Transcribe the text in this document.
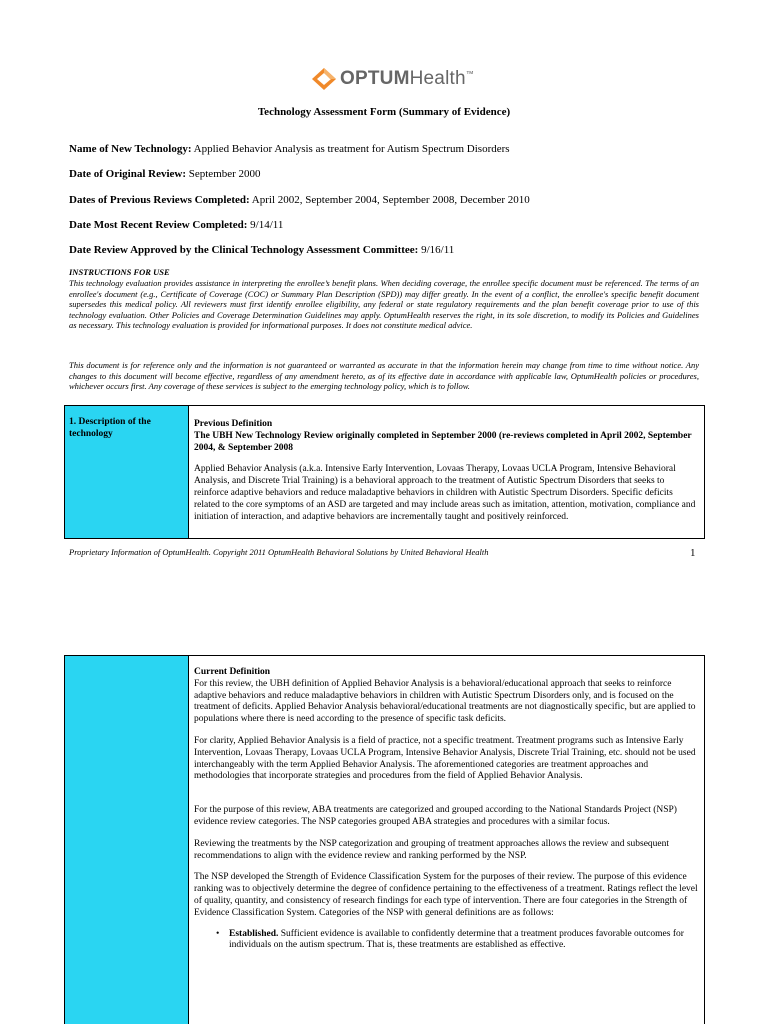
OPTUMHealth™
Technology Assessment Form (Summary of Evidence)
Name of New Technology: Applied Behavior Analysis as treatment for Autism Spectrum Disorders
Date of Original Review: September 2000
Dates of Previous Reviews Completed: April 2002, September 2004, September 2008, December 2010
Date Most Recent Review Completed: 9/14/11
Date Review Approved by the Clinical Technology Assessment Committee: 9/16/11
INSTRUCTIONS FOR USE
This technology evaluation provides assistance in interpreting the enrollee’s benefit plans. When deciding coverage, the enrollee specific document must be referenced. The terms of an enrollee's document (e.g., Certificate of Coverage (COC) or Summary Plan Description (SPD)) may differ greatly. In the event of a conflict, the enrollee's specific benefit document supersedes this medical policy. All reviewers must first identify enrollee eligibility, any federal or state regulatory requirements and the plan benefit coverage prior to use of this technology evaluation. Other Policies and Coverage Determination Guidelines may apply. OptumHealth reserves the right, in its sole discretion, to modify its Policies and Guidelines as necessary. This technology evaluation is provided for informational purposes. It does not constitute medical advice.
This document is for reference only and the information is not guaranteed or warranted as accurate in that the information herein may change from time to time without notice. Any changes to this document will become effective, regardless of any amendment hereto, as of its effective date in accordance with applicable law, OptumHealth policies or procedures, whichever occurs first. Any coverage of these services is subject to the emerging technology policy, which is to follow.
1. Description of the technology
Previous Definition
The UBH New Technology Review originally completed in September 2000 (re-reviews completed in April 2002, September 2004, & September 2008

Applied Behavior Analysis (a.k.a. Intensive Early Intervention, Lovaas Therapy, Lovaas UCLA Program, Intensive Behavioral Analysis, and Discrete Trial Training) is a behavioral approach to the treatment of Autistic Spectrum Disorders that seeks to reinforce adaptive behaviors and reduce maladaptive behaviors in children with Autistic Spectrum Disorders. Specific deficits related to the core symptoms of an ASD are targeted and may include areas such as imitation, attention, motivation, compliance and initiation of interaction, and adaptive behaviors are incrementally taught and positively reinforced.

Proprietary Information of OptumHealth. Copyright 2011 OptumHealth Behavioral Solutions by United Behavioral Health	1
Current Definition
For this review, the UBH definition of Applied Behavior Analysis is a behavioral/educational approach that seeks to reinforce adaptive behaviors and reduce maladaptive behaviors in children with Autistic Spectrum Disorders only, and is focused on the treatment of deficits. Applied Behavior Analysis behavioral/educational treatments are not diagnostically specific, but are applied to populations where there is need according to the presence of specific task deficits.

For clarity, Applied Behavior Analysis is a field of practice, not a specific treatment. Treatment programs such as Intensive Early Intervention, Lovaas Therapy, Lovaas UCLA Program, Intensive Behavior Analysis, Discrete Trial Training, etc. should not be used interchangeably with the term Applied Behavior Analysis. The aforementioned categories are treatment approaches and methodologies that incorporate strategies and procedures from the field of Applied Behavior Analysis.

For the purpose of this review, ABA treatments are categorized and grouped according to the National Standards Project (NSP) evidence review categories. The NSP categories grouped ABA strategies and procedures with a similar focus.

Reviewing the treatments by the NSP categorization and grouping of treatment approaches allows the review and subsequent recommendations to align with the evidence review and ranking performed by the NSP.

The NSP developed the Strength of Evidence Classification System for the purposes of their review. The purpose of this evidence ranking was to objectively determine the degree of confidence pertaining to the effectiveness of a treatment. Ratings reflect the level of quality, quantity, and consistency of research findings for each type of intervention. There are four categories in the Strength of Evidence Classification System. Categories of the NSP with general definitions are as follows:

• Established. Sufficient evidence is available to confidently determine that a treatment produces favorable outcomes for individuals on the autism spectrum. That is, these treatments are established as effective.
